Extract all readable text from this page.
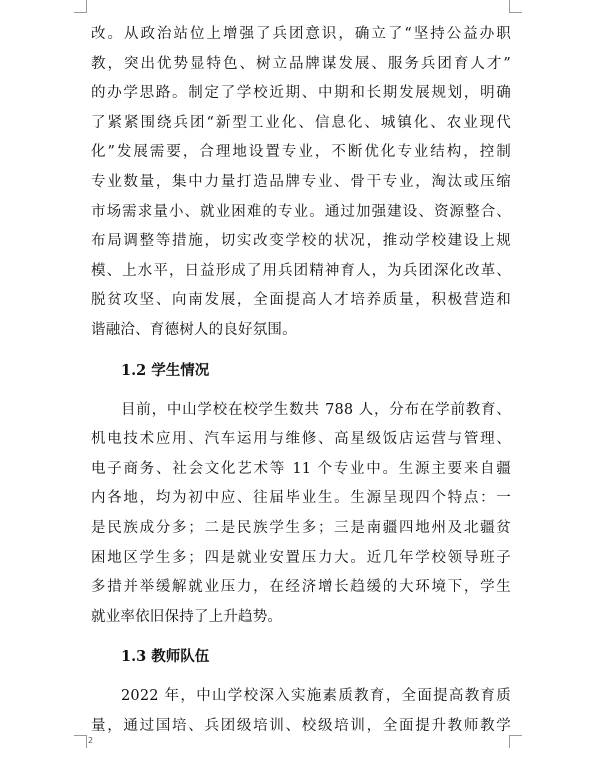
改。从政治站位上增强了兵团意识，确立了“坚持公益办职
教，突出优势显特色、树立品牌谋发展、服务兵团育人才”
的办学思路。制定了学校近期、中期和长期发展规划，明确
了紧紧围绕兵团“新型工业化、信息化、城镇化、农业现代
化”发展需要，合理地设置专业，不断优化专业结构，控制
专业数量，集中力量打造品牌专业、骨干专业，淘汰或压缩
市场需求量小、就业困难的专业。通过加强建设、资源整合、
布局调整等措施，切实改变学校的状况，推动学校建设上规
模、上水平，日益形成了用兵团精神育人，为兵团深化改革、
脱贫攻坚、向南发展，全面提高人才培养质量，积极营造和
谐融洽、育德树人的良好氛围。
1.2 学生情况
目前，中山学校在校学生数共 788 人，分布在学前教育、
机电技术应用、汽车运用与维修、高星级饭店运营与管理、
电子商务、社会文化艺术等 11 个专业中。生源主要来自疆
内各地，均为初中应、往届毕业生。生源呈现四个特点：一
是民族成分多；二是民族学生多；三是南疆四地州及北疆贫
困地区学生多；四是就业安置压力大。近几年学校领导班子
多措并举缓解就业压力，在经济增长趋缓的大环境下，学生
就业率依旧保持了上升趋势。
1.3 教师队伍
2022 年，中山学校深入实施素质教育，全面提高教育质
量，通过国培、兵团级培训、校级培训，全面提升教师教学
2
